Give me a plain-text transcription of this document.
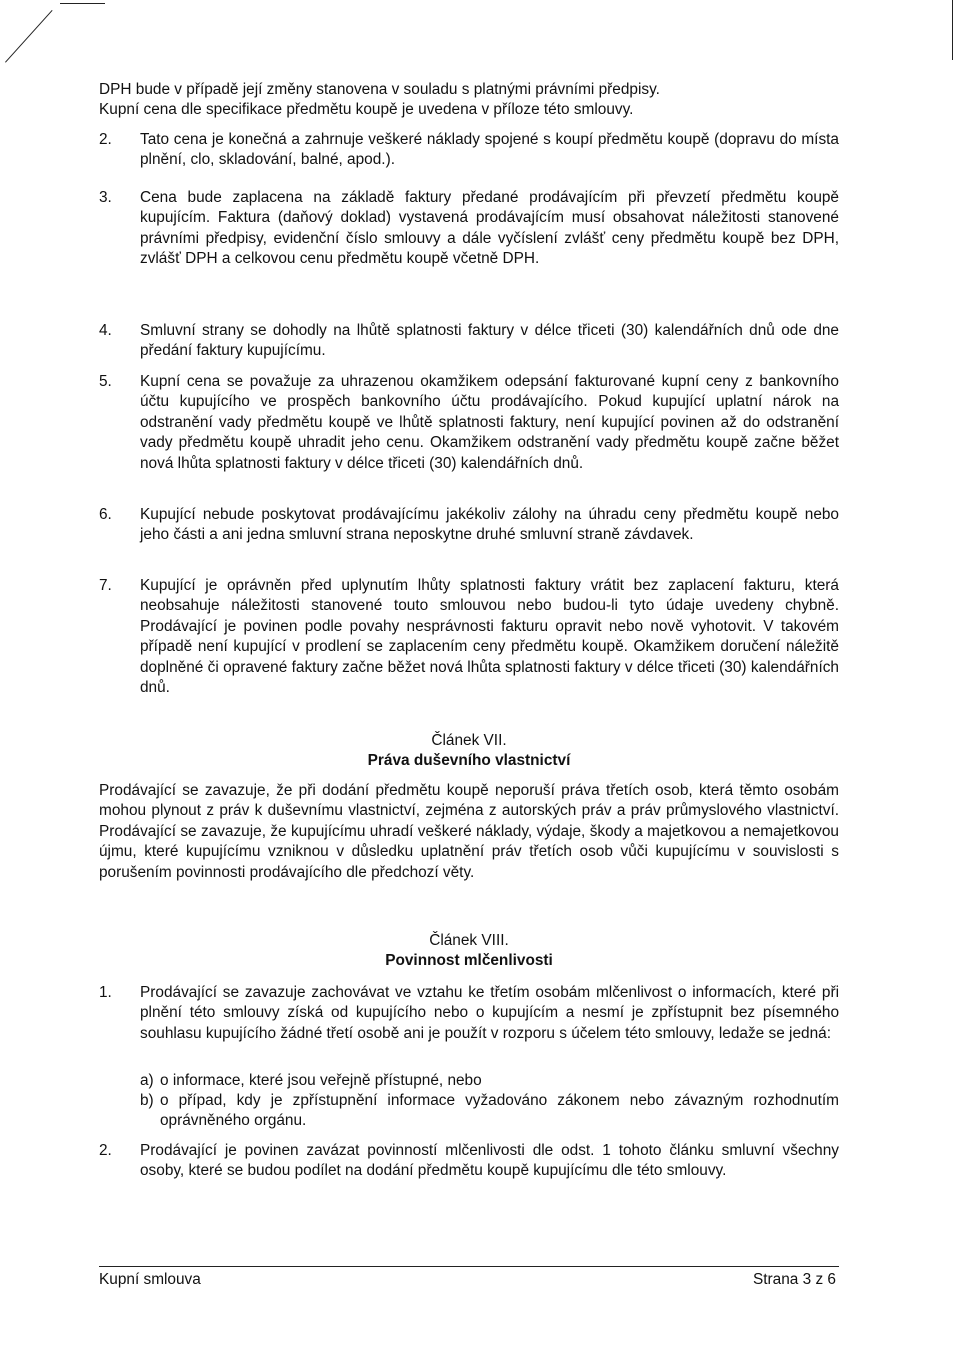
DPH bude v případě její změny stanovena v souladu s platnými právními předpisy.
Kupní cena dle specifikace předmětu koupě je uvedena v příloze této smlouvy.
2.	Tato cena je konečná a zahrnuje veškeré náklady spojené s koupí předmětu koupě (dopravu do místa plnění, clo, skladování, balné, apod.).
3.	Cena bude zaplacena na základě faktury předané prodávajícím při převzetí předmětu koupě kupujícím. Faktura (daňový doklad) vystavená prodávajícím musí obsahovat náležitosti stanovené právními předpisy, evidenční číslo smlouvy a dále vyčíslení zvlášť ceny předmětu koupě bez DPH, zvlášť DPH a celkovou cenu předmětu koupě včetně DPH.
4.	Smluvní strany se dohodly na lhůtě splatnosti faktury v délce třiceti (30) kalendářních dnů ode dne předání faktury kupujícímu.
5.	Kupní cena se považuje za uhrazenou okamžikem odepsání fakturované kupní ceny z bankovního účtu kupujícího ve prospěch bankovního účtu prodávajícího. Pokud kupující uplatní nárok na odstranění vady předmětu koupě ve lhůtě splatnosti faktury, není kupující povinen až do odstranění vady předmětu koupě uhradit jeho cenu. Okamžikem odstranění vady předmětu koupě začne běžet nová lhůta splatnosti faktury v délce třiceti (30) kalendářních dnů.
6.	Kupující nebude poskytovat prodávajícímu jakékoliv zálohy na úhradu ceny předmětu koupě nebo jeho části a ani jedna smluvní strana neposkytne druhé smluvní straně závdavek.
7.	Kupující je oprávněn před uplynutím lhůty splatnosti faktury vrátit bez zaplacení fakturu, která neobsahuje náležitosti stanovené touto smlouvou nebo budou-li tyto údaje uvedeny chybně. Prodávající je povinen podle povahy nesprávnosti fakturu opravit nebo nově vyhotovit. V takovém případě není kupující v prodlení se zaplacením ceny předmětu koupě. Okamžikem doručení náležitě doplněné či opravené faktury začne běžet nová lhůta splatnosti faktury v délce třiceti (30) kalendářních dnů.
Článek VII.
Práva duševního vlastnictví
Prodávající se zavazuje, že při dodání předmětu koupě neporuší práva třetích osob, která těmto osobám mohou plynout z práv k duševnímu vlastnictví, zejména z autorských práv a práv průmyslového vlastnictví. Prodávající se zavazuje, že kupujícímu uhradí veškeré náklady, výdaje, škody a majetkovou a nemajetkovou újmu, které kupujícímu vzniknou v důsledku uplatnění práv třetích osob vůči kupujícímu v souvislosti s porušením povinnosti prodávajícího dle předchozí věty.
Článek VIII.
Povinnost mlčenlivosti
1.	Prodávající se zavazuje zachovávat ve vztahu ke třetím osobám mlčenlivost o informacích, které při plnění této smlouvy získá od kupujícího nebo o kupujícím a nesmí je zpřístupnit bez písemného souhlasu kupujícího žádné třetí osobě ani je použít v rozporu s účelem této smlouvy, ledaže se jedná:
a) o informace, které jsou veřejně přístupné, nebo
b) o případ, kdy je zpřístupnění informace vyžadováno zákonem nebo závazným rozhodnutím oprávněného orgánu.
2.	Prodávající je povinen zavázat povinností mlčenlivosti dle odst. 1 tohoto článku smluvní všechny osoby, které se budou podílet na dodání předmětu koupě kupujícímu dle této smlouvy.
Kupní smlouva	Strana 3 z 6
